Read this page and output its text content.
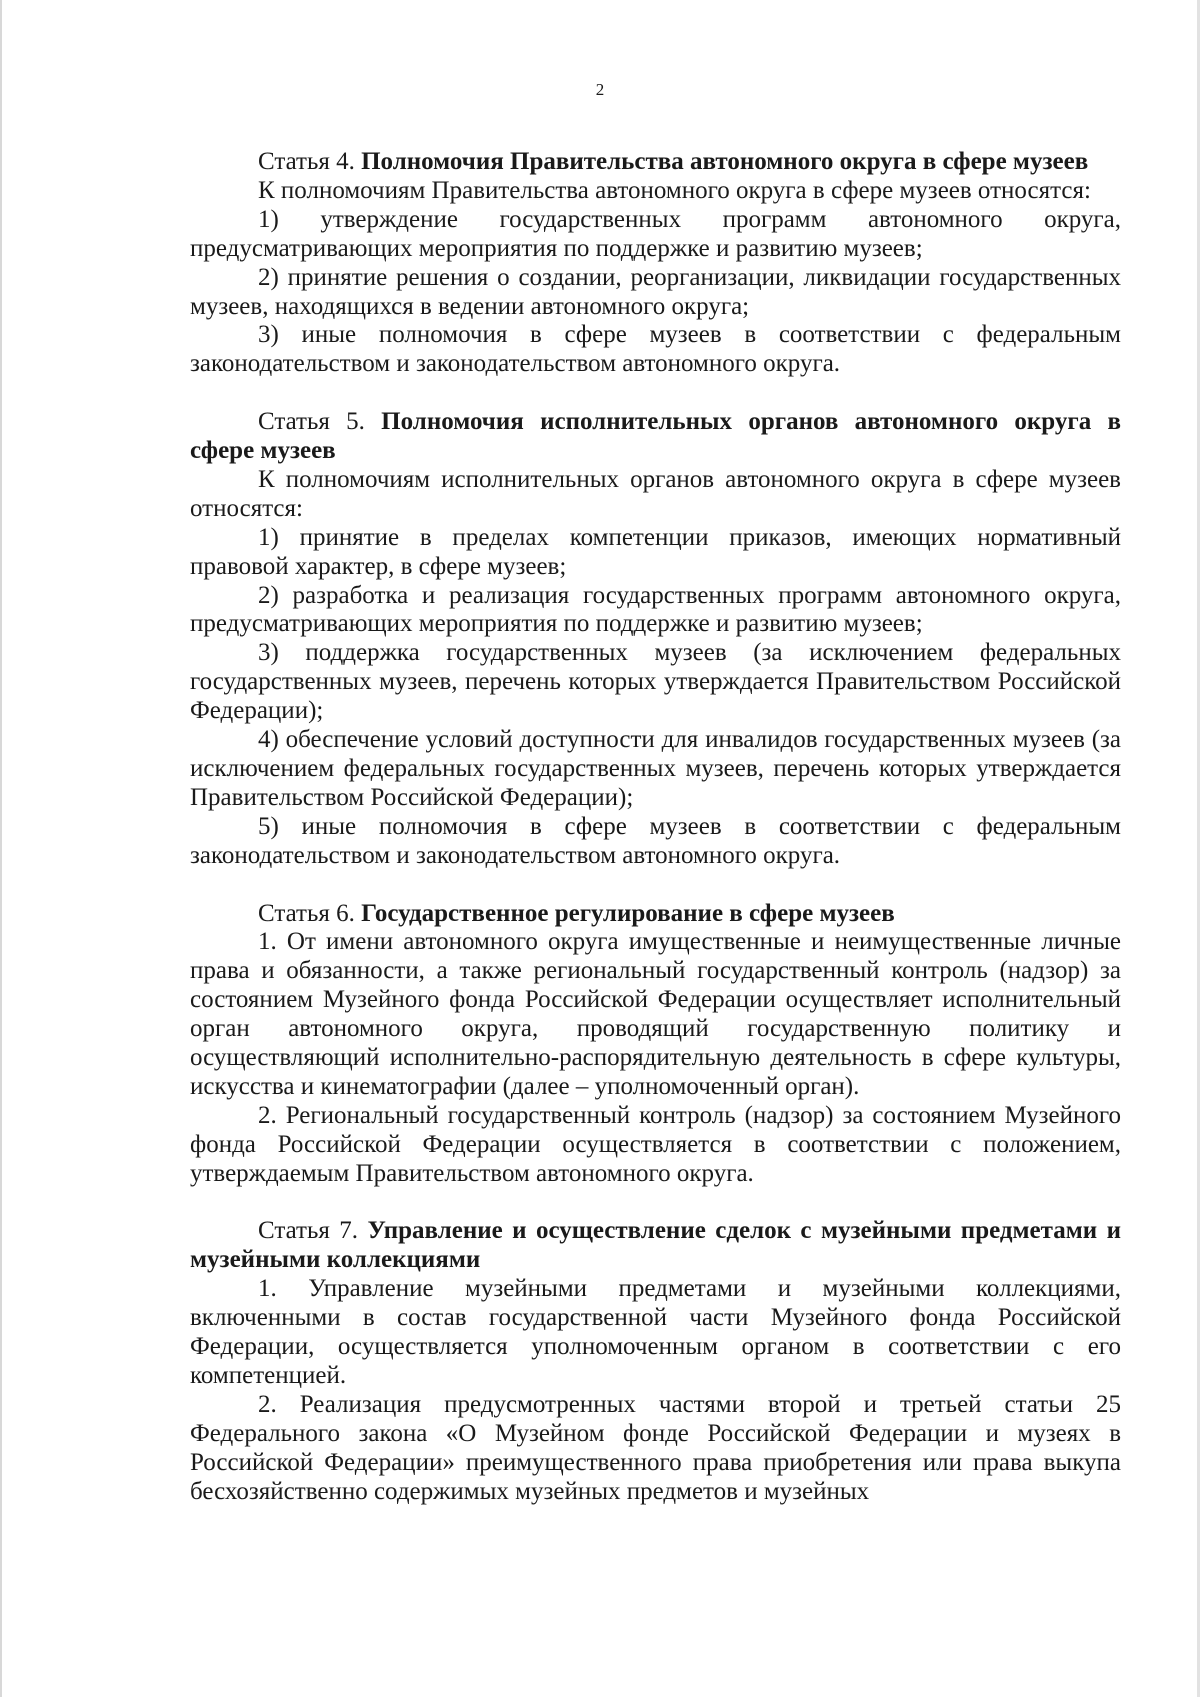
2

Статья 4. Полномочия Правительства автономного округа в сфере музеев

К полномочиям Правительства автономного округа в сфере музеев относятся:

1) утверждение государственных программ автономного округа, предусматривающих мероприятия по поддержке и развитию музеев;

2) принятие решения о создании, реорганизации, ликвидации государственных музеев, находящихся в ведении автономного округа;

3) иные полномочия в сфере музеев в соответствии с федеральным законодательством и законодательством автономного округа.

Статья 5. Полномочия исполнительных органов автономного округа в сфере музеев

К полномочиям исполнительных органов автономного округа в сфере музеев относятся:

1) принятие в пределах компетенции приказов, имеющих нормативный правовой характер, в сфере музеев;

2) разработка и реализация государственных программ автономного округа, предусматривающих мероприятия по поддержке и развитию музеев;

3) поддержка государственных музеев (за исключением федеральных государственных музеев, перечень которых утверждается Правительством Российской Федерации);

4) обеспечение условий доступности для инвалидов государственных музеев (за исключением федеральных государственных музеев, перечень которых утверждается Правительством Российской Федерации);

5) иные полномочия в сфере музеев в соответствии с федеральным законодательством и законодательством автономного округа.

Статья 6. Государственное регулирование в сфере музеев

1. От имени автономного округа имущественные и неимущественные личные права и обязанности, а также региональный государственный контроль (надзор) за состоянием Музейного фонда Российской Федерации осуществляет исполнительный орган автономного округа, проводящий государственную политику и осуществляющий исполнительно-распорядительную деятельность в сфере культуры, искусства и кинематографии (далее – уполномоченный орган).

2. Региональный государственный контроль (надзор) за состоянием Музейного фонда Российской Федерации осуществляется в соответствии с положением, утверждаемым Правительством автономного округа.

Статья 7. Управление и осуществление сделок с музейными предметами и музейными коллекциями

1. Управление музейными предметами и музейными коллекциями, включенными в состав государственной части Музейного фонда Российской Федерации, осуществляется уполномоченным органом в соответствии с его компетенцией.

2. Реализация предусмотренных частями второй и третьей статьи 25 Федерального закона «О Музейном фонде Российской Федерации и музеях в Российской Федерации» преимущественного права приобретения или права выкупа бесхозяйственно содержимых музейных предметов и музейных
